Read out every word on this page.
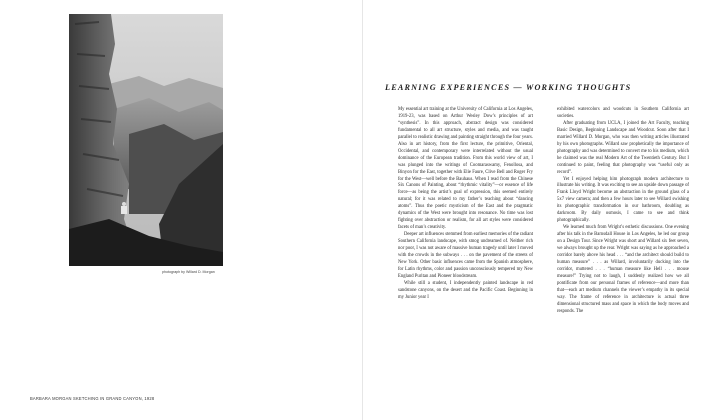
photograph by Willard D. Morgan
BARBARA MORGAN SKETCHING IN GRAND CANYON, 1928
LEARNING EXPERIENCES — WORKING THOUGHTS

My essential art training at the University of California at Los Angeles, 1919-23, was based on Arthur Wesley Dow’s principles of art “synthesis”. In this approach, abstract design was considered fundamental to all art structure, styles and media, and was taught parallel to realistic drawing and painting straight through the four years. Also in art history, from the first lecture, the primitive, Oriental, Occidental, and contemporary were interrelated without the usual dominance of the European tradition. From this world view of art, I was plunged into the writings of Coomaraswamy, Fenollosa, and Binyon for the East, together with Elie Faure, Clive Bell and Roger Fry for the West—well before the Bauhaus. When I read from the Chinese Six Canons of Painting, about “rhythmic vitality”—or essence of life force—as being the artist’s goal of expression, this seemed entirely natural; for it was related to my father’s teaching about “dancing atoms”. Thus the poetic mysticism of the East and the pragmatic dynamics of the West were brought into resonance. No time was lost fighting over abstraction or realism, for all art styles were considered facets of man’s creativity.

Deeper art influences stemmed from earliest memories of the radiant Southern California landscape, with smog undreamed of. Neither rich nor poor, I was not aware of massive human tragedy until later I moved with the crowds in the subways . . . on the pavement of the streets of New York. Other basic influences came from the Spanish atmosphere, for Latin rhythms, color and passion unconsciously tempered my New England Puritan and Pioneer bloodstream.

While still a student, I independently painted landscape in red sandstone canyons, on the desert and the Pacific Coast. Beginning in my Junior year I

exhibited watercolors and woodcuts in Southern California art societies.

After graduating from UCLA, I joined the Art Faculty, teaching Basic Design, Beginning Landscape and Woodcut. Soon after that I married Willard D. Morgan, who was then writing articles illustrated by his own photographs. Willard saw prophetically the importance of photography and was determined to convert me to his medium, which he claimed was the real Modern Art of the Twentieth Century. But I continued to paint, feeling that photography was “useful only as record”.

Yet I enjoyed helping him photograph modern architecture to illustrate his writing. It was exciting to see an upside down passage of Frank Lloyd Wright become an abstraction in the ground glass of a 5x7 view camera; and then a few hours later to see Willard swishing its photographic transformation in our bathroom, doubling as darkroom. By daily osmosis, I came to see and think photographically.

We learned much from Wright’s esthetic discussions. One evening after his talk in the Barnsdall House in Los Angeles, he led our group on a Design Tour. Since Wright was short and Willard six feet seven, we always brought up the rear. Wright was saying as he approached a corridor barely above his head . . . “and the architect should build to human measure” . . . as Willard, involuntarily ducking into the corridor, muttered . . . “human measure like Hell . . . mouse measure!” Trying not to laugh, I suddenly realized how we all pontificate from our personal frames of reference—and more than that—each art medium channels the viewer’s empathy in its special way. The frame of reference in architecture is actual three dimensional structured mass and space in which the body moves and responds. The
